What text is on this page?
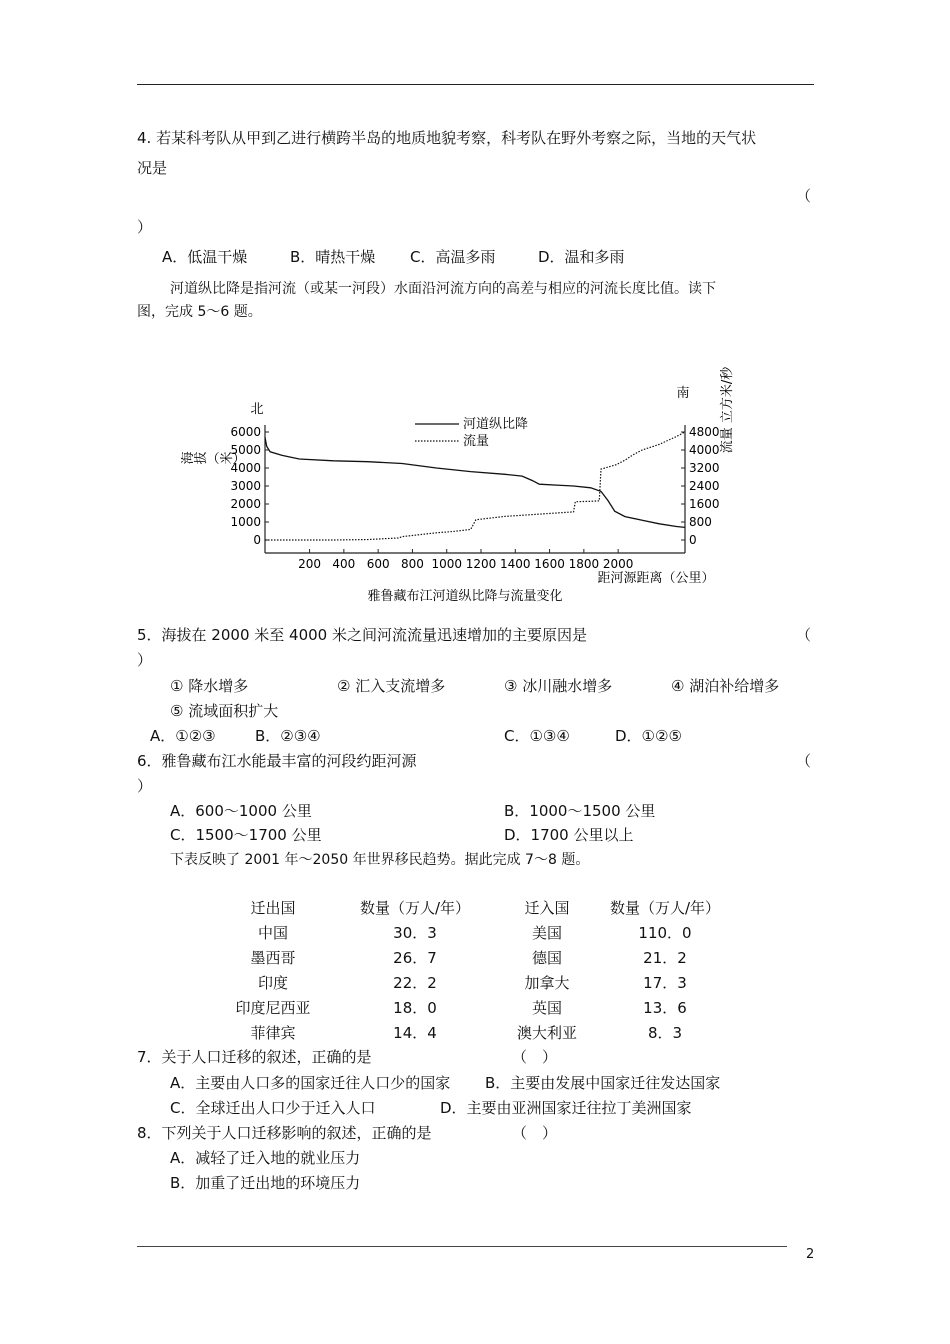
4. 若某科考队从甲到乙进行横跨半岛的地质地貌考察，科考队在野外考察之际，当地的天气状
况是
（
）
A．低温干燥	B．晴热干燥 C．高温多雨	D．温和多雨
河道纵比降是指河流（或某一河段）水面沿河流方向的高差与相应的河流长度比值。读下
图，完成 5～6 题。
6000
5000
4000
3000
2000
1000
0
4800
4000
3200
2400
1600
800
0
200 400 600 800 1000 1200 1400 1600 1800 2000
北
南
海拔（米）
流量 立方米/秒
河道纵比降
流量
距河源距离（公里）
雅鲁藏布江河道纵比降与流量变化
5．海拔在 2000 米至 4000 米之间河流流量迅速增加的主要原因是	（
）
① 降水增多	② 汇入支流增多	③ 冰川融水增多	④ 湖泊补给增多
⑤ 流域面积扩大
A．①②③	B．②③④	C．①③④	D．①②⑤
6．雅鲁藏布江水能最丰富的河段约距河源	（
）
A．600～1000 公里	B．1000～1500 公里
C．1500～1700 公里	D．1700 公里以上
下表反映了 2001 年～2050 年世界移民趋势。据此完成 7～8 题。
迁出国	数量（万人/年）	迁入国	数量（万人/年）
中国	30．3	美国	110．0
墨西哥	26．7	德国	21．2
印度	22．2	加拿大	17．3
印度尼西亚	18．0	英国	13．6
菲律宾	14．4	澳大利亚	8．3
7．关于人口迁移的叙述，正确的是	（　）
A．主要由人口多的国家迁往人口少的国家 B．主要由发展中国家迁往发达国家
C．全球迁出人口少于迁入人口	D．主要由亚洲国家迁往拉丁美洲国家
8．下列关于人口迁移影响的叙述，正确的是	（　）
A．减轻了迁入地的就业压力
B．加重了迁出地的环境压力
2
